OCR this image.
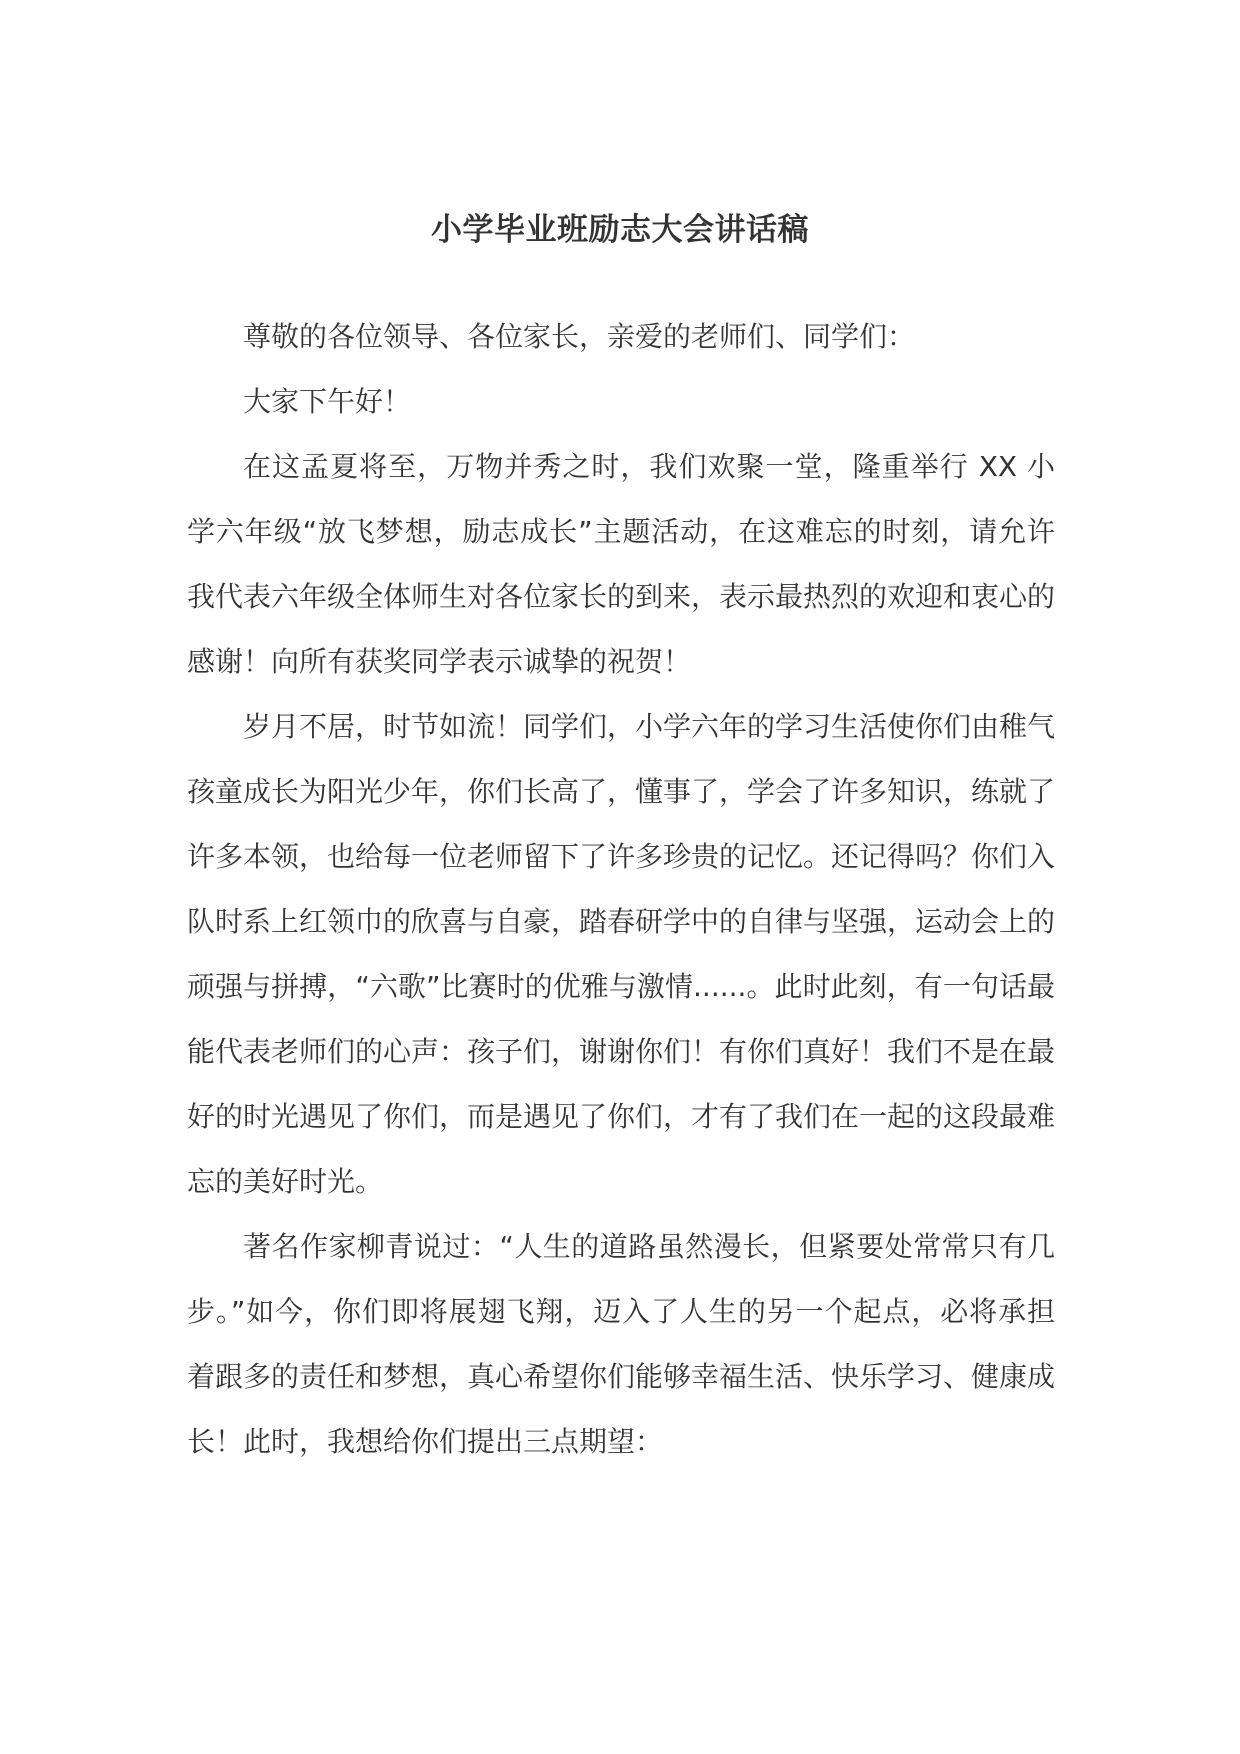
小学毕业班励志大会讲话稿

尊敬的各位领导、各位家长，亲爱的老师们、同学们：

大家下午好！

在这孟夏将至，万物并秀之时，我们欢聚一堂，隆重举行 XX 小学六年级“放飞梦想，励志成长”主题活动，在这难忘的时刻，请允许我代表六年级全体师生对各位家长的到来，表示最热烈的欢迎和衷心的感谢！向所有获奖同学表示诚挚的祝贺！

岁月不居，时节如流！同学们，小学六年的学习生活使你们由稚气孩童成长为阳光少年，你们长高了，懂事了，学会了许多知识，练就了许多本领，也给每一位老师留下了许多珍贵的记忆。还记得吗？你们入队时系上红领巾的欣喜与自豪，踏春研学中的自律与坚强，运动会上的顽强与拼搏，“六歌”比赛时的优雅与激情......。此时此刻，有一句话最能代表老师们的心声：孩子们，谢谢你们！有你们真好！我们不是在最好的时光遇见了你们，而是遇见了你们，才有了我们在一起的这段最难忘的美好时光。

著名作家柳青说过：“人生的道路虽然漫长，但紧要处常常只有几步。”如今，你们即将展翅飞翔，迈入了人生的另一个起点，必将承担着跟多的责任和梦想，真心希望你们能够幸福生活、快乐学习、健康成长！此时，我想给你们提出三点期望：
